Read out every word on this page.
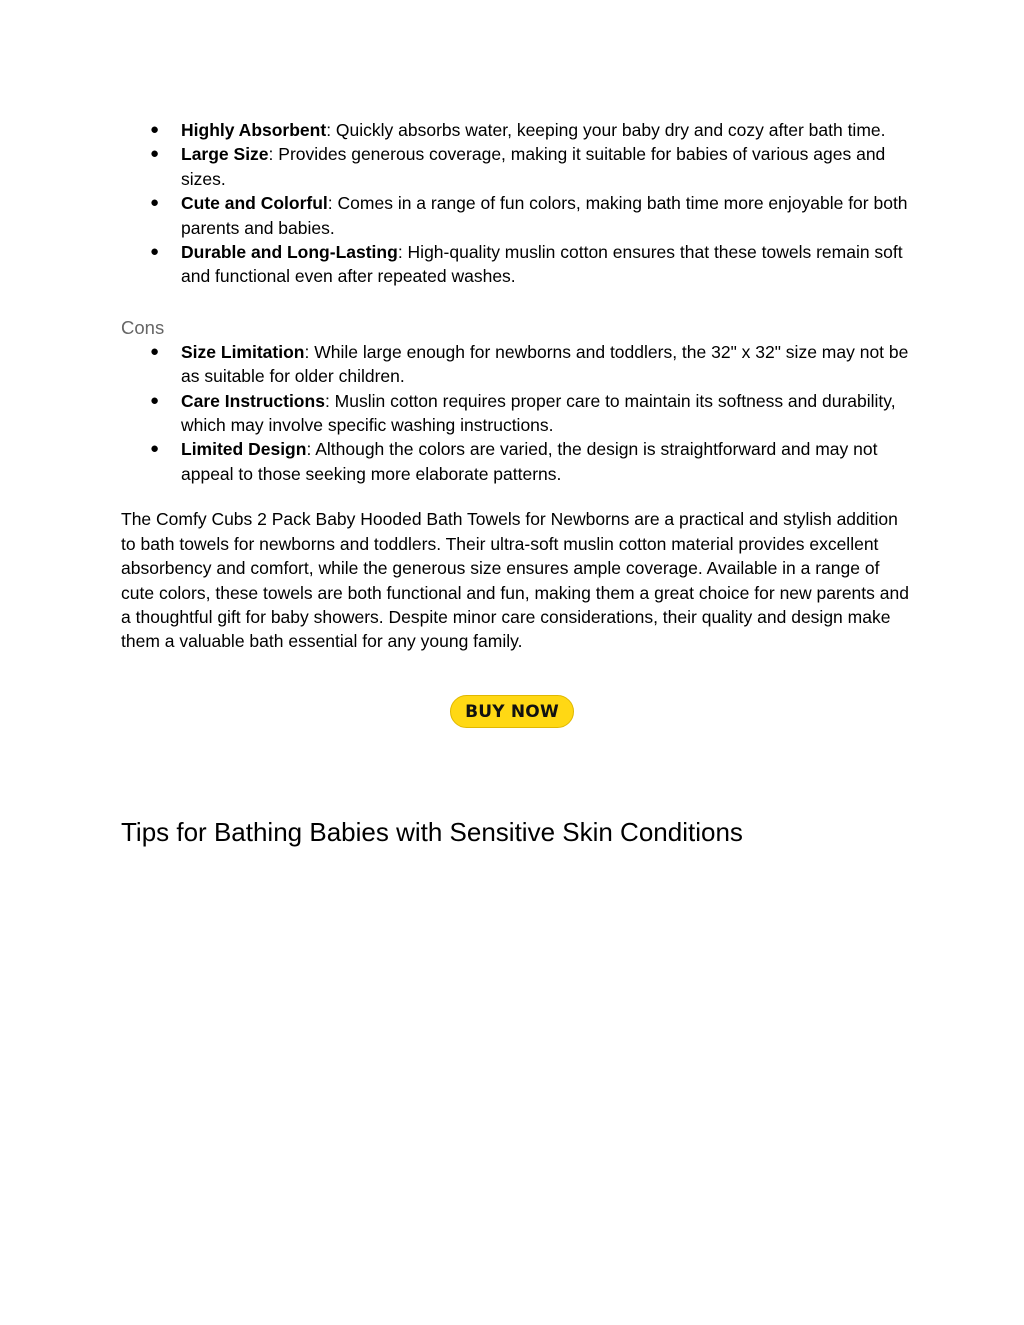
● Highly Absorbent: Quickly absorbs water, keeping your baby dry and cozy after bath time.
● Large Size: Provides generous coverage, making it suitable for babies of various ages and sizes.
● Cute and Colorful: Comes in a range of fun colors, making bath time more enjoyable for both parents and babies.
● Durable and Long-Lasting: High-quality muslin cotton ensures that these towels remain soft and functional even after repeated washes.
Cons
● Size Limitation: While large enough for newborns and toddlers, the 32" x 32" size may not be as suitable for older children.
● Care Instructions: Muslin cotton requires proper care to maintain its softness and durability, which may involve specific washing instructions.
● Limited Design: Although the colors are varied, the design is straightforward and may not appeal to those seeking more elaborate patterns.

The Comfy Cubs 2 Pack Baby Hooded Bath Towels for Newborns are a practical and stylish addition to bath towels for newborns and toddlers. Their ultra-soft muslin cotton material provides excellent absorbency and comfort, while the generous size ensures ample coverage. Available in a range of cute colors, these towels are both functional and fun, making them a great choice for new parents and a thoughtful gift for baby showers. Despite minor care considerations, their quality and design make them a valuable bath essential for any young family.

BUY NOW
Tips for Bathing Babies with Sensitive Skin Conditions
